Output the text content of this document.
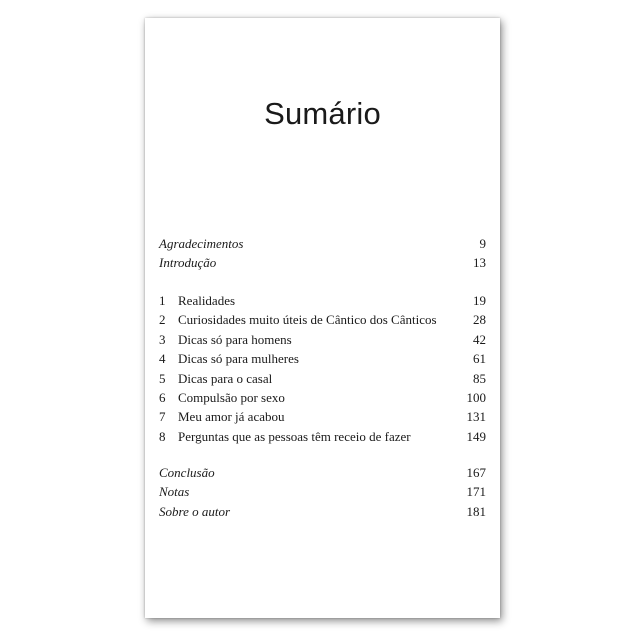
Sumário
Agradecimentos	9
Introdução	13
1 Realidades	19
2 Curiosidades muito úteis de Cântico dos Cânticos	28
3 Dicas só para homens	42
4 Dicas só para mulheres	61
5 Dicas para o casal	85
6 Compulsão por sexo	100
7 Meu amor já acabou	131
8 Perguntas que as pessoas têm receio de fazer	149
Conclusão	167
Notas	171
Sobre o autor	181
